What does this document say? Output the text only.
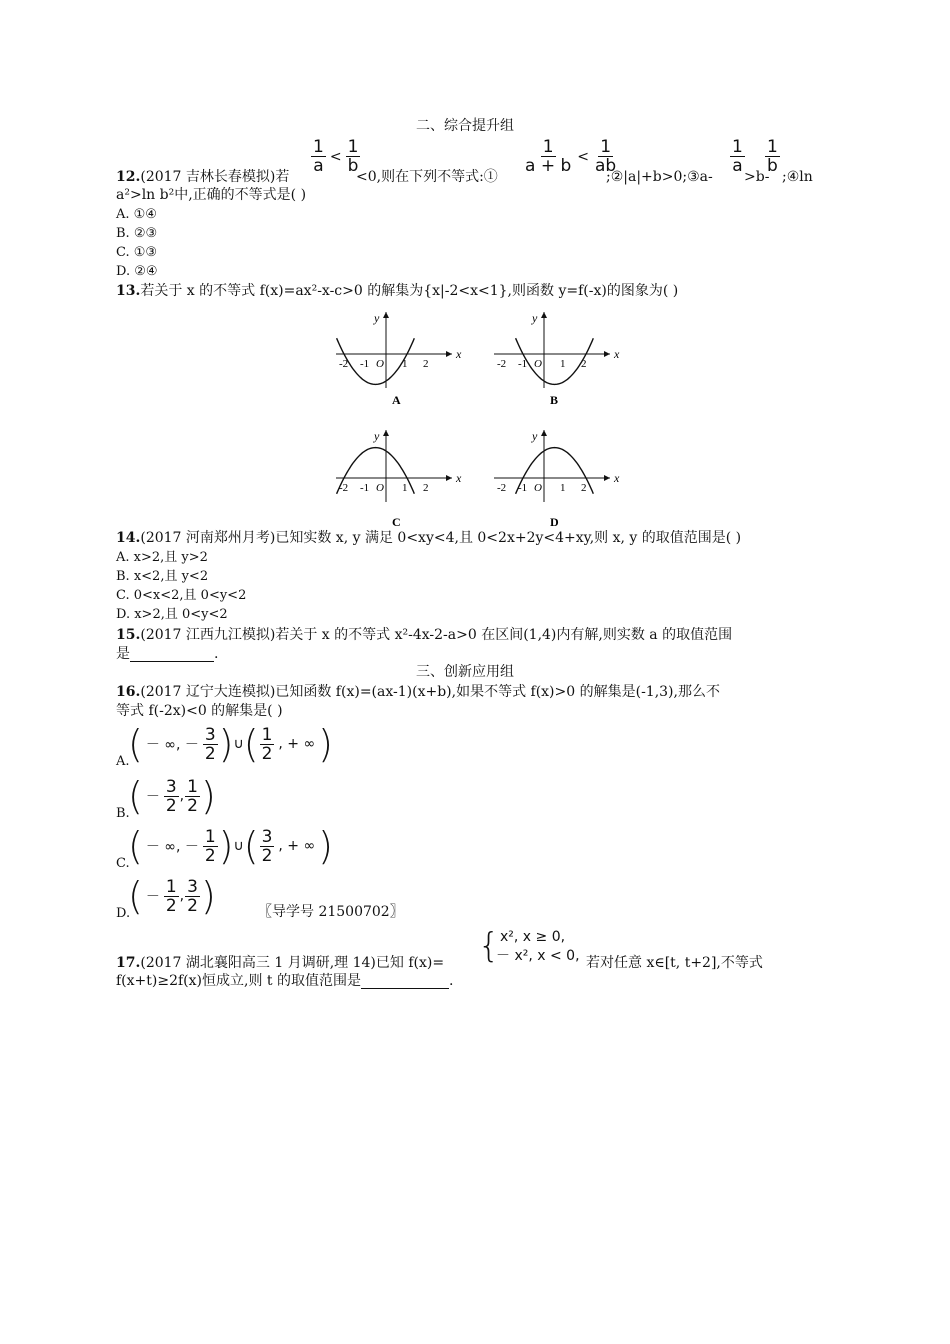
二、综合提升组
$\frac{1}{a} < \frac{1}{b}$	$\frac{1}{a + b} < \frac{1}{ab}$	$\frac{1}{a} \frac{1}{b}$
12.(2017 吉林长春模拟)若	<0,则在下列不等式:①	;②|a|+b>0;③a- >b- ;④ln
a²>ln b²中,正确的不等式是( )
A. ①④
B. ②③
C. ①③
D. ②④
13.若关于 x 的不等式 f(x)=ax²-x-c>0 的解集为{x|-2<x<1},则函数 y=f(-x)的图象为( )
x
y
-2 -1 O 1 2
A
x
y
-2 -1 O 1 2
B
x
y
-2 -1 O 1 2
C
x
y
-2 -1 O 1 2
D
14.(2017 河南郑州月考)已知实数 x, y 满足 0<xy<4,且 0<2x+2y<4+xy,则 x, y 的取值范围是( )
A. x>2,且 y>2
B. x<2,且 y<2
C. 0<x<2,且 0<y<2
D. x>2,且 0<y<2
15.(2017 江西九江模拟)若关于 x 的不等式 x²-4x-2-a>0 在区间(1,4)内有解,则实数 a 的取值范围
是	.
三、创新应用组
16.(2017 辽宁大连模拟)已知函数 f(x)=(ax-1)(x+b),如果不等式 f(x)>0 的解集是(-1,3),那么不
等式 f(-2x)<0 的解集是( )
A.
( － ∞, － $\frac{3}{2}$ ) ∪ ( $\frac{1}{2}$ , + ∞ )
B.
( － $\frac{3}{2}$ , $\frac{1}{2}$ )
C.
( － ∞, － $\frac{1}{2}$ ) ∪ ( $\frac{3}{2}$ , + ∞ )
D.
( － $\frac{1}{2}$ , $\frac{3}{2}$ )	〖导学号 21500702〗
17.(2017 湖北襄阳高三 1 月调研,理 14)已知 f(x)= { x², x ≥ 0,
－ x², x < 0, 若对任意 x∈[t, t+2],不等式
f(x+t)≥2f(x)恒成立,则 t 的取值范围是	.
